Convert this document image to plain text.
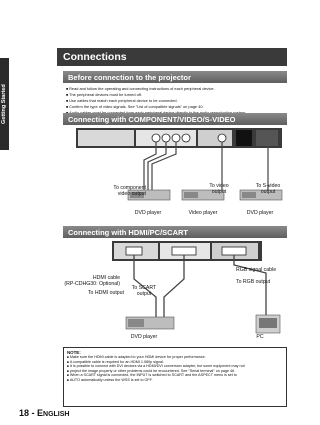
Getting Started
Connections
Before connection to the projector
■ Read and follow the operating and connecting instructions of each peripheral device.
■ The peripheral devices must be turned off.
■ Use cables that match each peripheral device to be connected.
■ Confirm the type of video signals. See "List of compatible signals" on page 40.
■
Connecting with COMPONENT/VIDEO/S-VIDEO
To component
video output
To video
output
To S-video
output
DVD player	Video player	DVD player
Connecting with HDMI/PC/SCART
HDMI cable
(RP-CDHG30: Optional)
To HDMI output
To SCART
output
RGB signal cable
To RGB output
DVD player	PC
NOTE:
■ Make sure the HDMI cable is adapted to your HDMI device for proper performance.
■ A compatible cable is required for an HDMI 1.080p signal.
■ It is possible to connect with DVI devices via a HDMI/DVI conversion adapter, but some equipment may not
■ project the image properly or other problems could be encountered. See "Serial terminal" on page 46.
■ When a SCART signal is connected, the INPUT is switched to SCART and the ASPECT menu is set to
■ AUTO automatically unless the WSS is set to OFF.
18 - ENGLISH
